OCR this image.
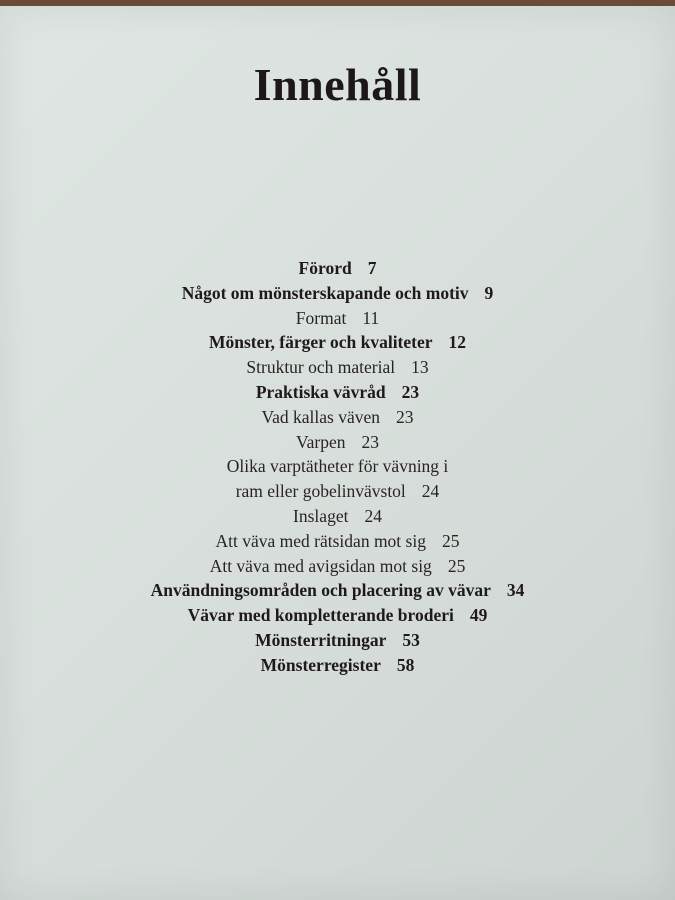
Innehåll
Förord 7
Något om mönsterskapande och motiv 9
Format 11
Mönster, färger och kvaliteter 12
Struktur och material 13
Praktiska vävråd 23
Vad kallas väven 23
Varpen 23
Olika varptätheter för vävning i
ram eller gobelinvävstol 24
Inslaget 24
Att väva med rätsidan mot sig 25
Att väva med avigsidan mot sig 25
Användningsområden och placering av vävar 34
Vävar med kompletterande broderi 49
Mönsterritningar 53
Mönsterregister 58
